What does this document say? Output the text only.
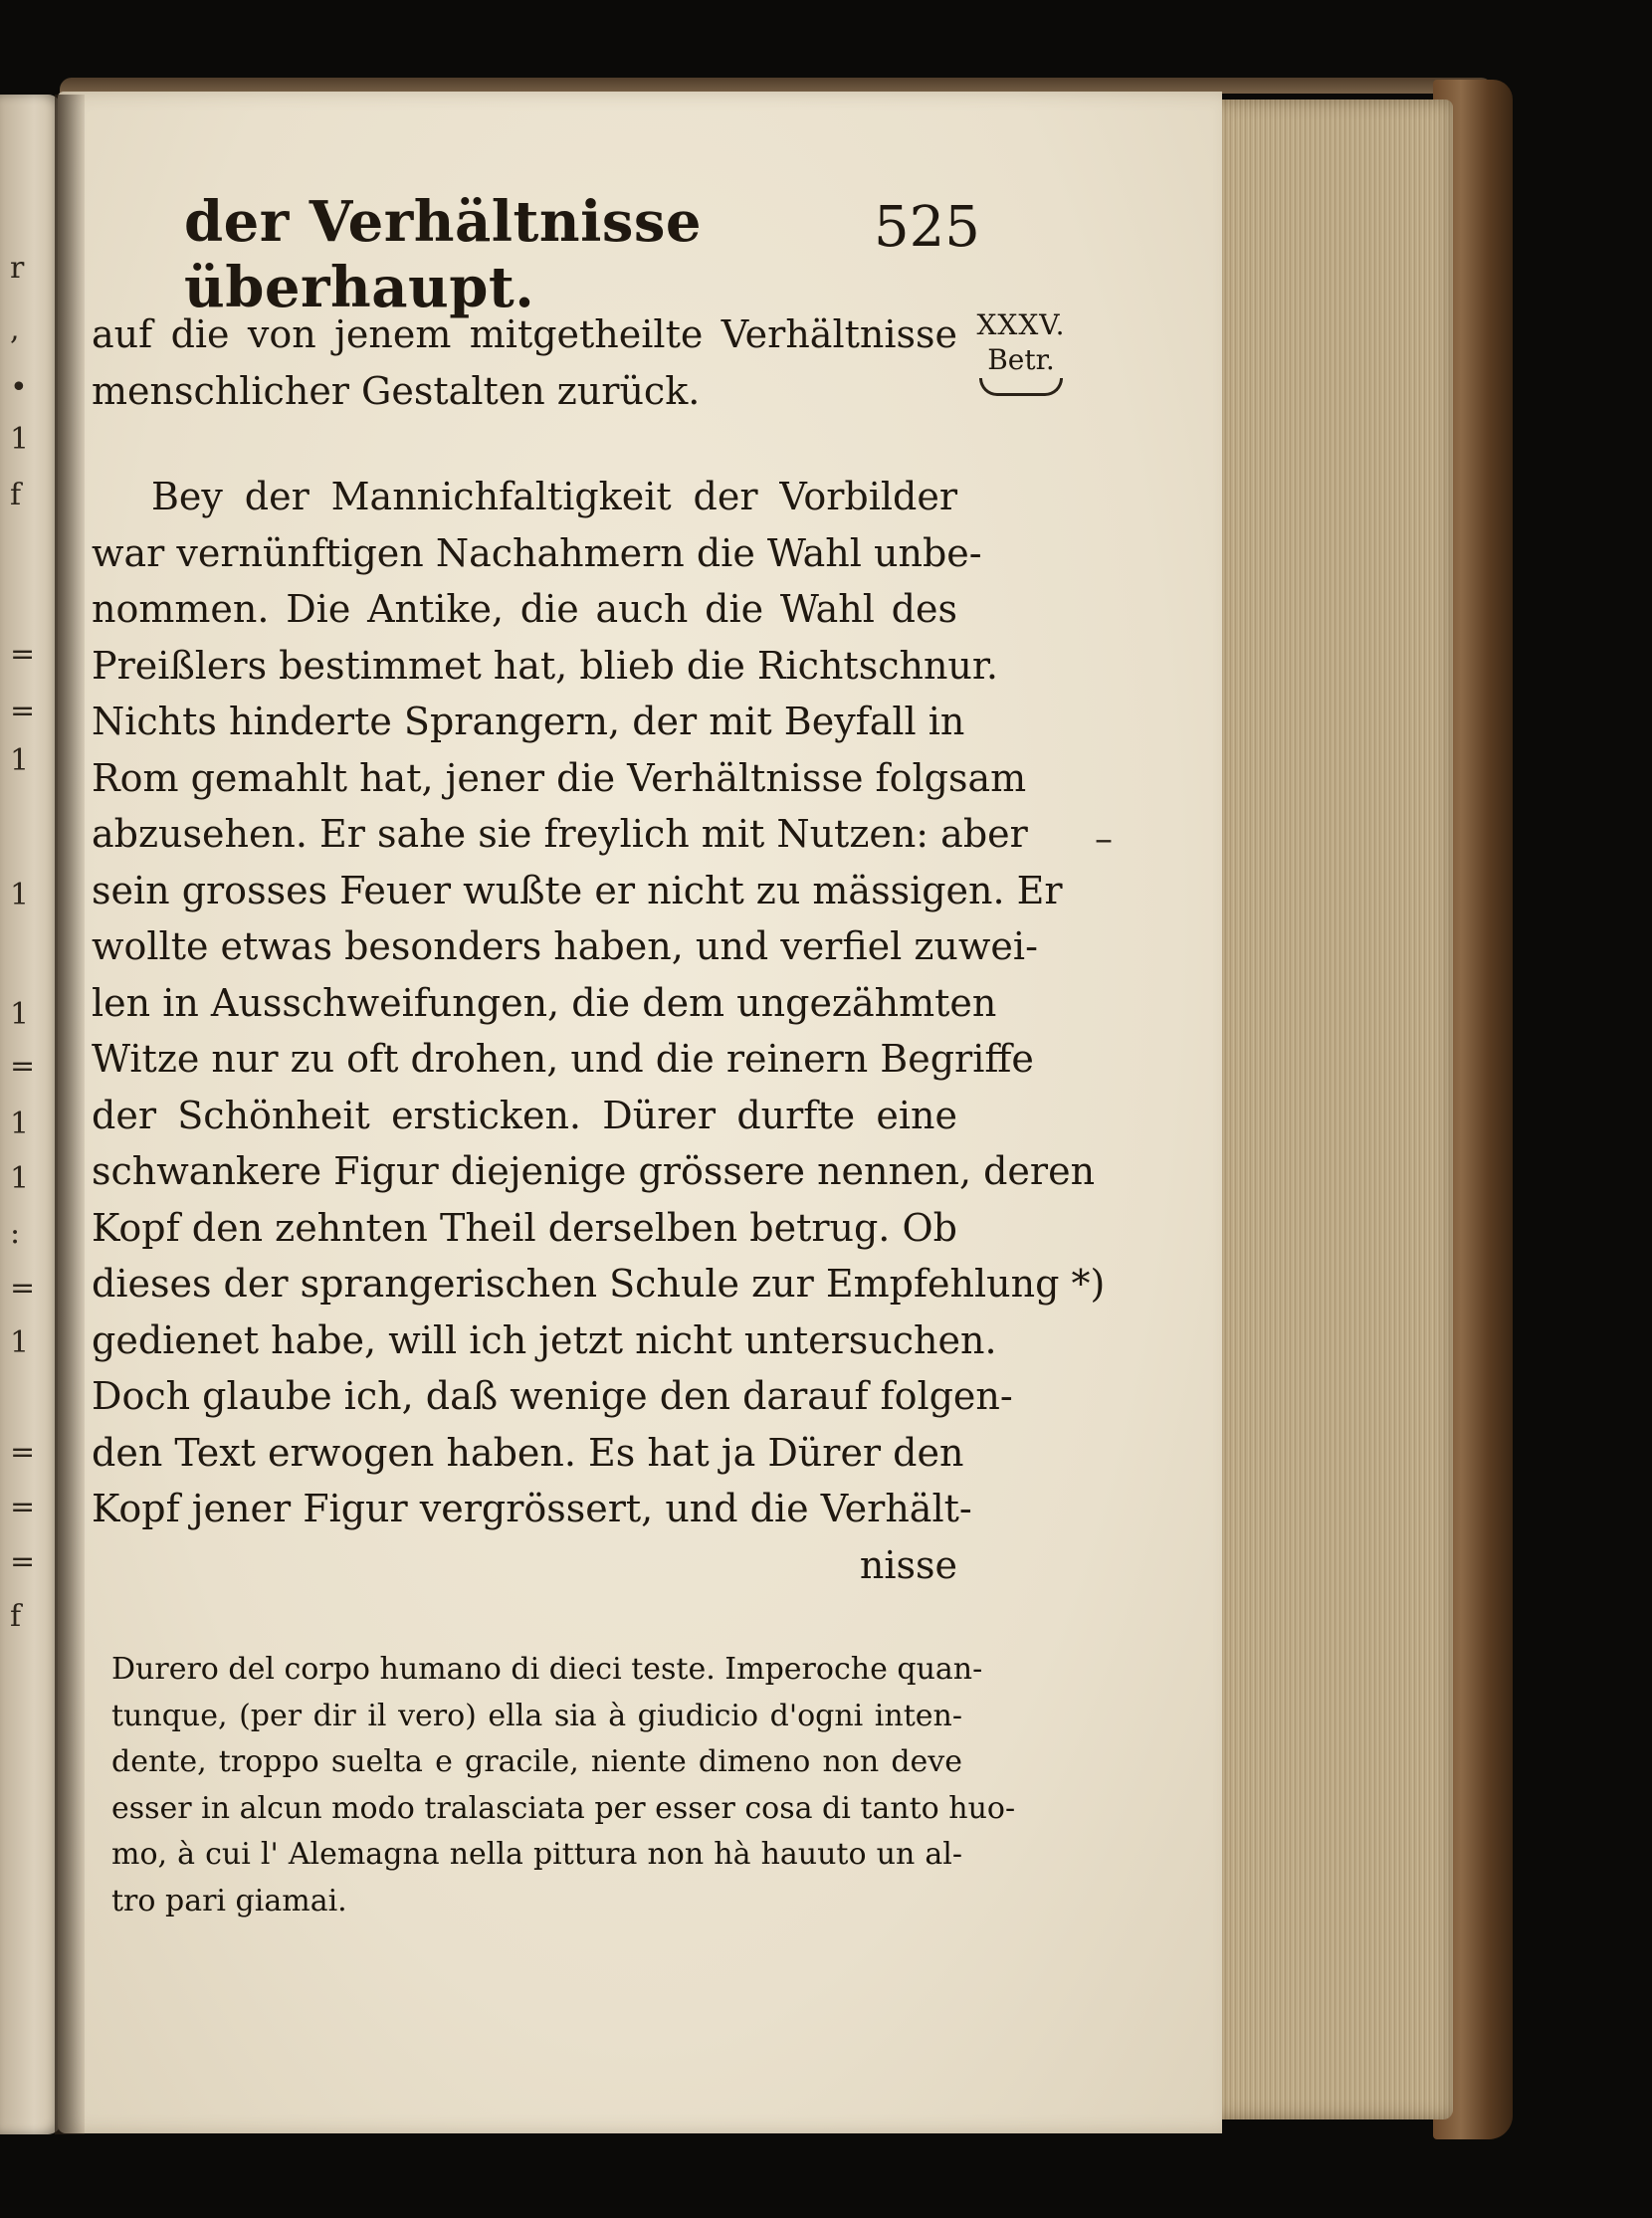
r
,
•
1
f
=
=
1
1
1
=
1
1
:
=
1
=
=
=
f
der Verhältnisse überhaupt.
525
XXXV.
Betr.
auf die von jenem mitgetheilte Verhältnisse
menschlicher Gestalten zurück.
Bey der Mannichfaltigkeit der Vorbilder
war vernünftigen Nachahmern die Wahl unbe-
nommen. Die Antike, die auch die Wahl des
Preißlers bestimmet hat, blieb die Richtschnur.
Nichts hinderte Sprangern, der mit Beyfall in
Rom gemahlt hat, jener die Verhältnisse folgsam
abzusehen. Er sahe sie freylich mit Nutzen: aber
sein grosses Feuer wußte er nicht zu mässigen. Er
wollte etwas besonders haben, und verfiel zuwei-
len in Ausschweifungen, die dem ungezähmten
Witze nur zu oft drohen, und die reinern Begriffe
der Schönheit ersticken. Dürer durfte eine
schwankere Figur diejenige grössere nennen, deren
Kopf den zehnten Theil derselben betrug. Ob
dieses der sprangerischen Schule zur Empfehlung *)
gedienet habe, will ich jetzt nicht untersuchen.
Doch glaube ich, daß wenige den darauf folgen-
den Text erwogen haben. Es hat ja Dürer den
Kopf jener Figur vergrössert, und die Verhält-
nisse
–
Durero del corpo humano di dieci teste. Imperoche quan-
tunque, (per dir il vero) ella sia à giudicio d'ogni inten-
dente, troppo suelta e gracile, niente dimeno non deve
esser in alcun modo tralasciata per esser cosa di tanto huo-
mo, à cui l' Alemagna nella pittura non hà hauuto un al-
tro pari giamai.
